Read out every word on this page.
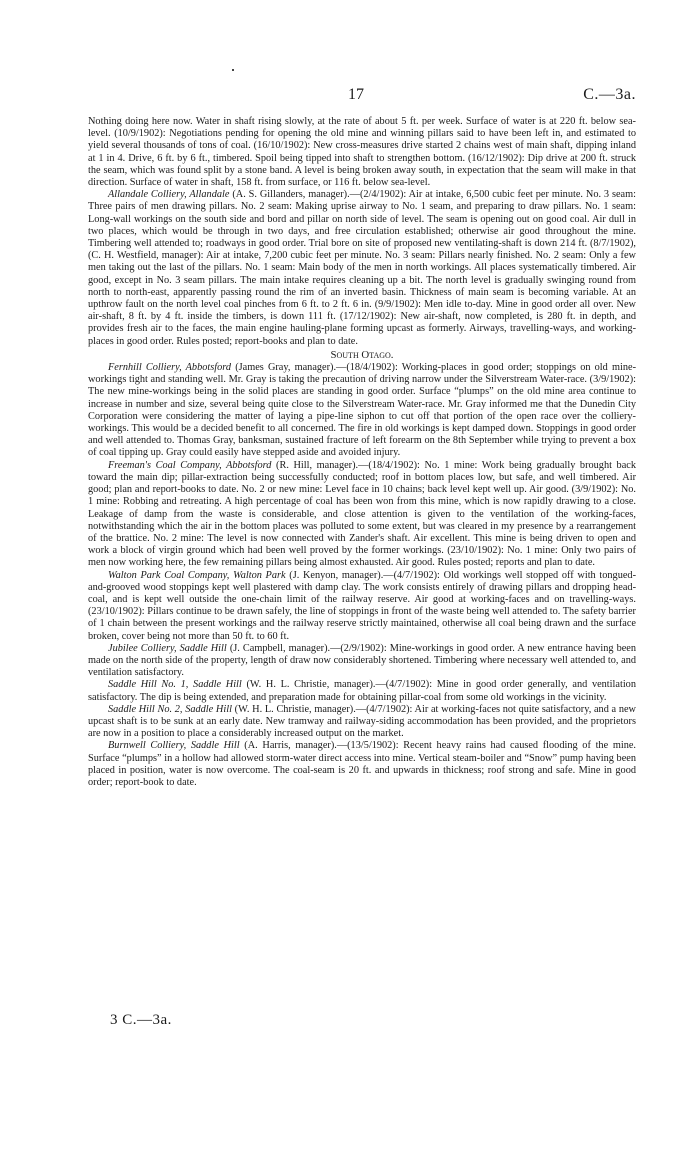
17	C.—3a.

Nothing doing here now. Water in shaft rising slowly, at the rate of about 5 ft. per week. Surface of water is at 220 ft. below sea-level. (10/9/1902): Negotiations pending for opening the old mine and winning pillars said to have been left in, and estimated to yield several thousands of tons of coal. (16/10/1902): New cross-measures drive started 2 chains west of main shaft, dipping inland at 1 in 4. Drive, 6 ft. by 6 ft., timbered. Spoil being tipped into shaft to strengthen bottom. (16/12/1902): Dip drive at 200 ft. struck the seam, which was found split by a stone band. A level is being broken away south, in expectation that the seam will make in that direction. Surface of water in shaft, 158 ft. from surface, or 116 ft. below sea-level.

Allandale Colliery, Allandale (A. S. Gillanders, manager).—(2/4/1902): Air at intake, 6,500 cubic feet per minute. No. 3 seam: Three pairs of men drawing pillars. No. 2 seam: Making uprise airway to No. 1 seam, and preparing to draw pillars. No. 1 seam: Long-wall workings on the south side and bord and pillar on north side of level. The seam is opening out on good coal. Air dull in two places, which would be through in two days, and free circulation established; otherwise air good throughout the mine. Timbering well attended to; roadways in good order. Trial bore on site of proposed new ventilating-shaft is down 214 ft. (8/7/1902), (C. H. Westfield, manager): Air at intake, 7,200 cubic feet per minute. No. 3 seam: Pillars nearly finished. No. 2 seam: Only a few men taking out the last of the pillars. No. 1 seam: Main body of the men in north workings. All places systematically timbered. Air good, except in No. 3 seam pillars. The main intake requires cleaning up a bit. The north level is gradually swinging round from north to north-east, apparently passing round the rim of an inverted basin. Thickness of main seam is becoming variable. At an upthrow fault on the north level coal pinches from 6 ft. to 2 ft. 6 in. (9/9/1902): Men idle to-day. Mine in good order all over. New air-shaft, 8 ft. by 4 ft. inside the timbers, is down 111 ft. (17/12/1902): New air-shaft, now completed, is 280 ft. in depth, and provides fresh air to the faces, the main engine hauling-plane forming upcast as formerly. Airways, travelling-ways, and working-places in good order. Rules posted; report-books and plan to date.

South Otago.

Fernhill Colliery, Abbotsford (James Gray, manager).—(18/4/1902): Working-places in good order; stoppings on old mine-workings tight and standing well. Mr. Gray is taking the precaution of driving narrow under the Silverstream Water-race. (3/9/1902): The new mine-workings being in the solid places are standing in good order. Surface “plumps” on the old mine area continue to increase in number and size, several being quite close to the Silverstream Water-race. Mr. Gray informed me that the Dunedin City Corporation were considering the matter of laying a pipe-line siphon to cut off that portion of the open race over the colliery-workings. This would be a decided benefit to all concerned. The fire in old workings is kept damped down. Stoppings in good order and well attended to. Thomas Gray, banksman, sustained fracture of left forearm on the 8th September while trying to prevent a box of coal tipping up. Gray could easily have stepped aside and avoided injury.

Freeman's Coal Company, Abbotsford (R. Hill, manager).—(18/4/1902): No. 1 mine: Work being gradually brought back toward the main dip; pillar-extraction being successfully conducted; roof in bottom places low, but safe, and well timbered. Air good; plan and report-books to date. No. 2 or new mine: Level face in 10 chains; back level kept well up. Air good. (3/9/1902): No. 1 mine: Robbing and retreating. A high percentage of coal has been won from this mine, which is now rapidly drawing to a close. Leakage of damp from the waste is considerable, and close attention is given to the ventilation of the working-faces, notwithstanding which the air in the bottom places was polluted to some extent, but was cleared in my presence by a rearrangement of the brattice. No. 2 mine: The level is now connected with Zander's shaft. Air excellent. This mine is being driven to open and work a block of virgin ground which had been well proved by the former workings. (23/10/1902): No. 1 mine: Only two pairs of men now working here, the few remaining pillars being almost exhausted. Air good. Rules posted; reports and plan to date.

Walton Park Coal Company, Walton Park (J. Kenyon, manager).—(4/7/1902): Old workings well stopped off with tongued-and-grooved wood stoppings kept well plastered with damp clay. The work consists entirely of drawing pillars and dropping head-coal, and is kept well outside the one-chain limit of the railway reserve. Air good at working-faces and on travelling-ways. (23/10/1902): Pillars continue to be drawn safely, the line of stoppings in front of the waste being well attended to. The safety barrier of 1 chain between the present workings and the railway reserve strictly maintained, otherwise all coal being drawn and the surface broken, cover being not more than 50 ft. to 60 ft.

Jubilee Colliery, Saddle Hill (J. Campbell, manager).—(2/9/1902): Mine-workings in good order. A new entrance having been made on the north side of the property, length of draw now considerably shortened. Timbering where necessary well attended to, and ventilation satisfactory.

Saddle Hill No. 1, Saddle Hill (W. H. L. Christie, manager).—(4/7/1902): Mine in good order generally, and ventilation satisfactory. The dip is being extended, and preparation made for obtaining pillar-coal from some old workings in the vicinity.

Saddle Hill No. 2, Saddle Hill (W. H. L. Christie, manager).—(4/7/1902): Air at working-faces not quite satisfactory, and a new upcast shaft is to be sunk at an early date. New tramway and railway-siding accommodation has been provided, and the proprietors are now in a position to place a considerably increased output on the market.

Burnwell Colliery, Saddle Hill (A. Harris, manager).—(13/5/1902): Recent heavy rains had caused flooding of the mine. Surface “plumps” in a hollow had allowed storm-water direct access into mine. Vertical steam-boiler and “Snow” pump having been placed in position, water is now overcome. The coal-seam is 20 ft. and upwards in thickness; roof strong and safe. Mine in good order; report-book to date.

3 C.—3a.
